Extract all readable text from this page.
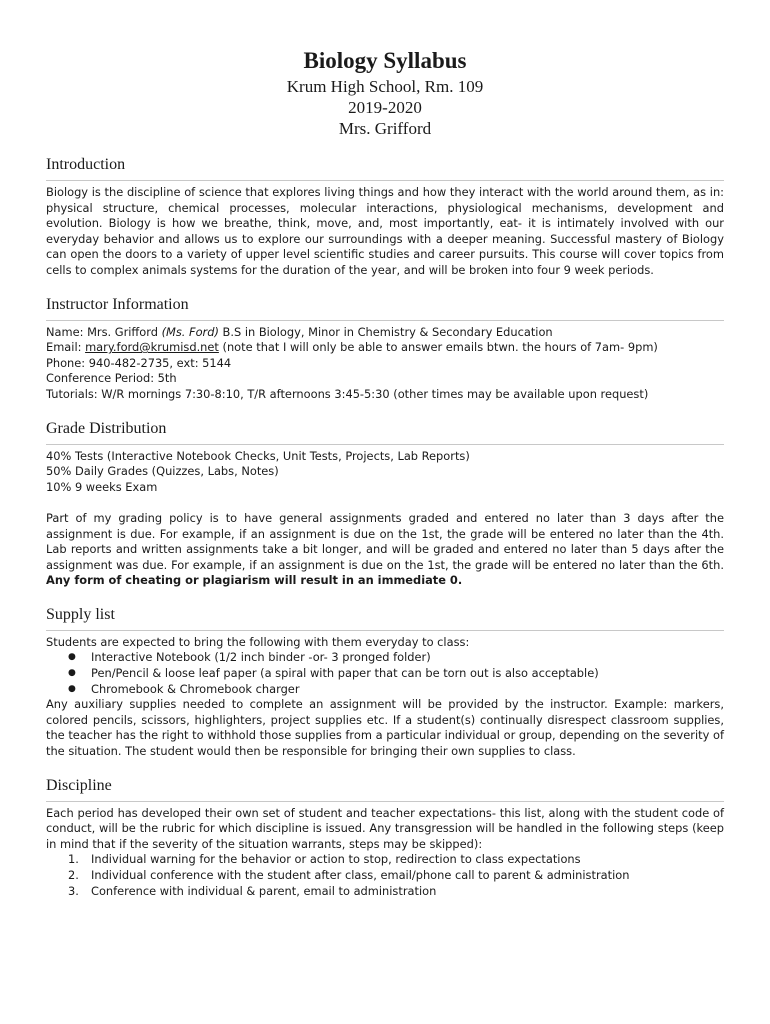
Biology Syllabus

Krum High School, Rm. 109

2019-2020

Mrs. Grifford

Introduction

Biology is the discipline of science that explores living things and how they interact with the world around them, as in: physical structure, chemical processes, molecular interactions, physiological mechanisms, development and evolution. Biology is how we breathe, think, move, and, most importantly, eat- it is intimately involved with our everyday behavior and allows us to explore our surroundings with a deeper meaning. Successful mastery of Biology can open the doors to a variety of upper level scientific studies and career pursuits. This course will cover topics from cells to complex animals systems for the duration of the year, and will be broken into four 9 week periods.

Instructor Information

Name: Mrs. Grifford (Ms. Ford) B.S in Biology, Minor in Chemistry & Secondary Education

Email: mary.ford@krumisd.net (note that I will only be able to answer emails btwn. the hours of 7am- 9pm)

Phone: 940-482-2735, ext: 5144

Conference Period: 5th

Tutorials: W/R mornings 7:30-8:10, T/R afternoons 3:45-5:30 (other times may be available upon request)

Grade Distribution

40% Tests (Interactive Notebook Checks, Unit Tests, Projects, Lab Reports)

50% Daily Grades (Quizzes, Labs, Notes)

10% 9 weeks Exam

Part of my grading policy is to have general assignments graded and entered no later than 3 days after the assignment is due. For example, if an assignment is due on the 1st, the grade will be entered no later than the 4th. Lab reports and written assignments take a bit longer, and will be graded and entered no later than 5 days after the assignment was due. For example, if an assignment is due on the 1st, the grade will be entered no later than the 6th. Any form of cheating or plagiarism will result in an immediate 0.

Supply list

Students are expected to bring the following with them everyday to class:

● Interactive Notebook (1/2 inch binder -or- 3 pronged folder)
● Pen/Pencil & loose leaf paper (a spiral with paper that can be torn out is also acceptable)
● Chromebook & Chromebook charger

Any auxiliary supplies needed to complete an assignment will be provided by the instructor. Example: markers, colored pencils, scissors, highlighters, project supplies etc. If a student(s) continually disrespect classroom supplies, the teacher has the right to withhold those supplies from a particular individual or group, depending on the severity of the situation. The student would then be responsible for bringing their own supplies to class.

Discipline

Each period has developed their own set of student and teacher expectations- this list, along with the student code of conduct, will be the rubric for which discipline is issued. Any transgression will be handled in the following steps (keep in mind that if the severity of the situation warrants, steps may be skipped):

1. Individual warning for the behavior or action to stop, redirection to class expectations
2. Individual conference with the student after class, email/phone call to parent & administration
3. Conference with individual & parent, email to administration
